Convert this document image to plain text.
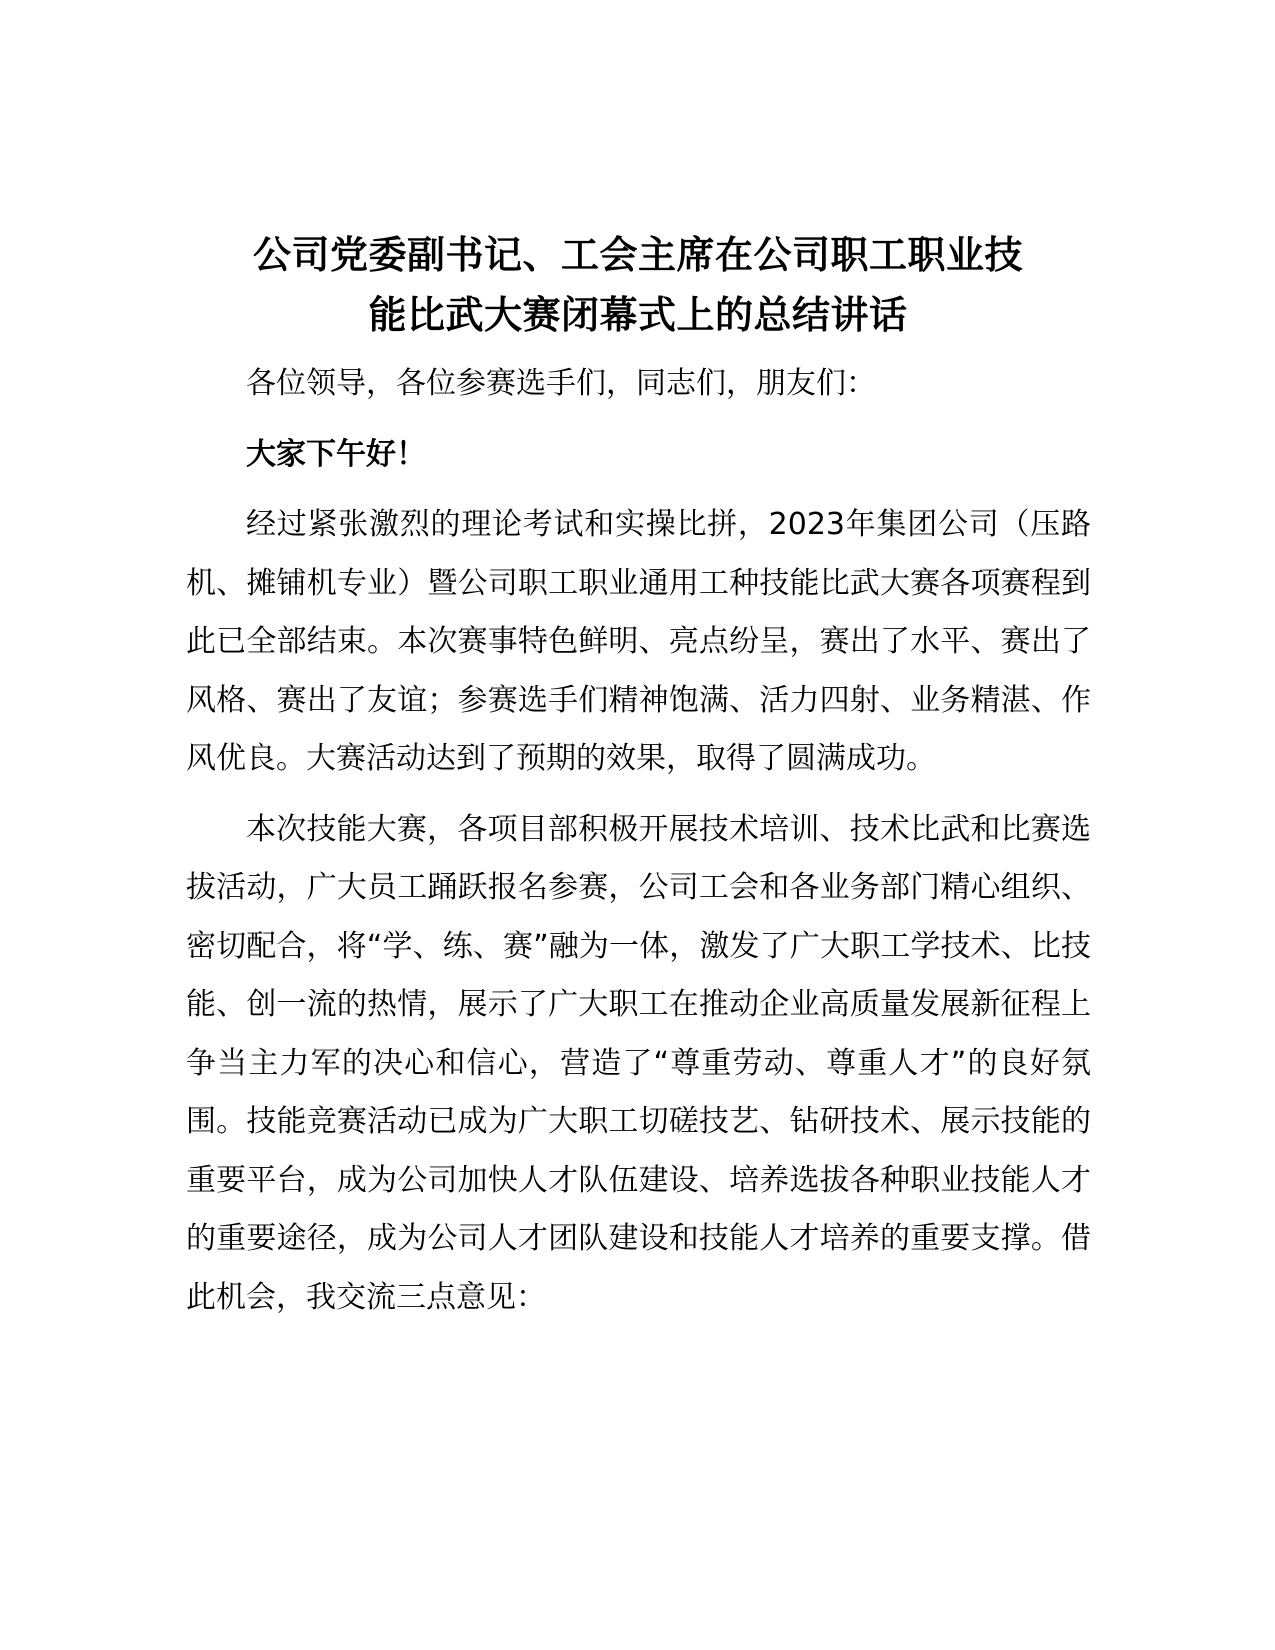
公司党委副书记、工会主席在公司职工职业技
能比武大赛闭幕式上的总结讲话

各位领导，各位参赛选手们，同志们，朋友们：

大家下午好！

经过紧张激烈的理论考试和实操比拼，2023年集团公司（压路机、摊铺机专业）暨公司职工职业通用工种技能比武大赛各项赛程到此已全部结束。本次赛事特色鲜明、亮点纷呈，赛出了水平、赛出了风格、赛出了友谊；参赛选手们精神饱满、活力四射、业务精湛、作风优良。大赛活动达到了预期的效果，取得了圆满成功。

本次技能大赛，各项目部积极开展技术培训、技术比武和比赛选拔活动，广大员工踊跃报名参赛，公司工会和各业务部门精心组织、密切配合，将“学、练、赛”融为一体，激发了广大职工学技术、比技能、创一流的热情，展示了广大职工在推动企业高质量发展新征程上争当主力军的决心和信心，营造了“尊重劳动、尊重人才”的良好氛围。技能竞赛活动已成为广大职工切磋技艺、钻研技术、展示技能的重要平台，成为公司加快人才队伍建设、培养选拔各种职业技能人才的重要途径，成为公司人才团队建设和技能人才培养的重要支撑。借此机会，我交流三点意见：
